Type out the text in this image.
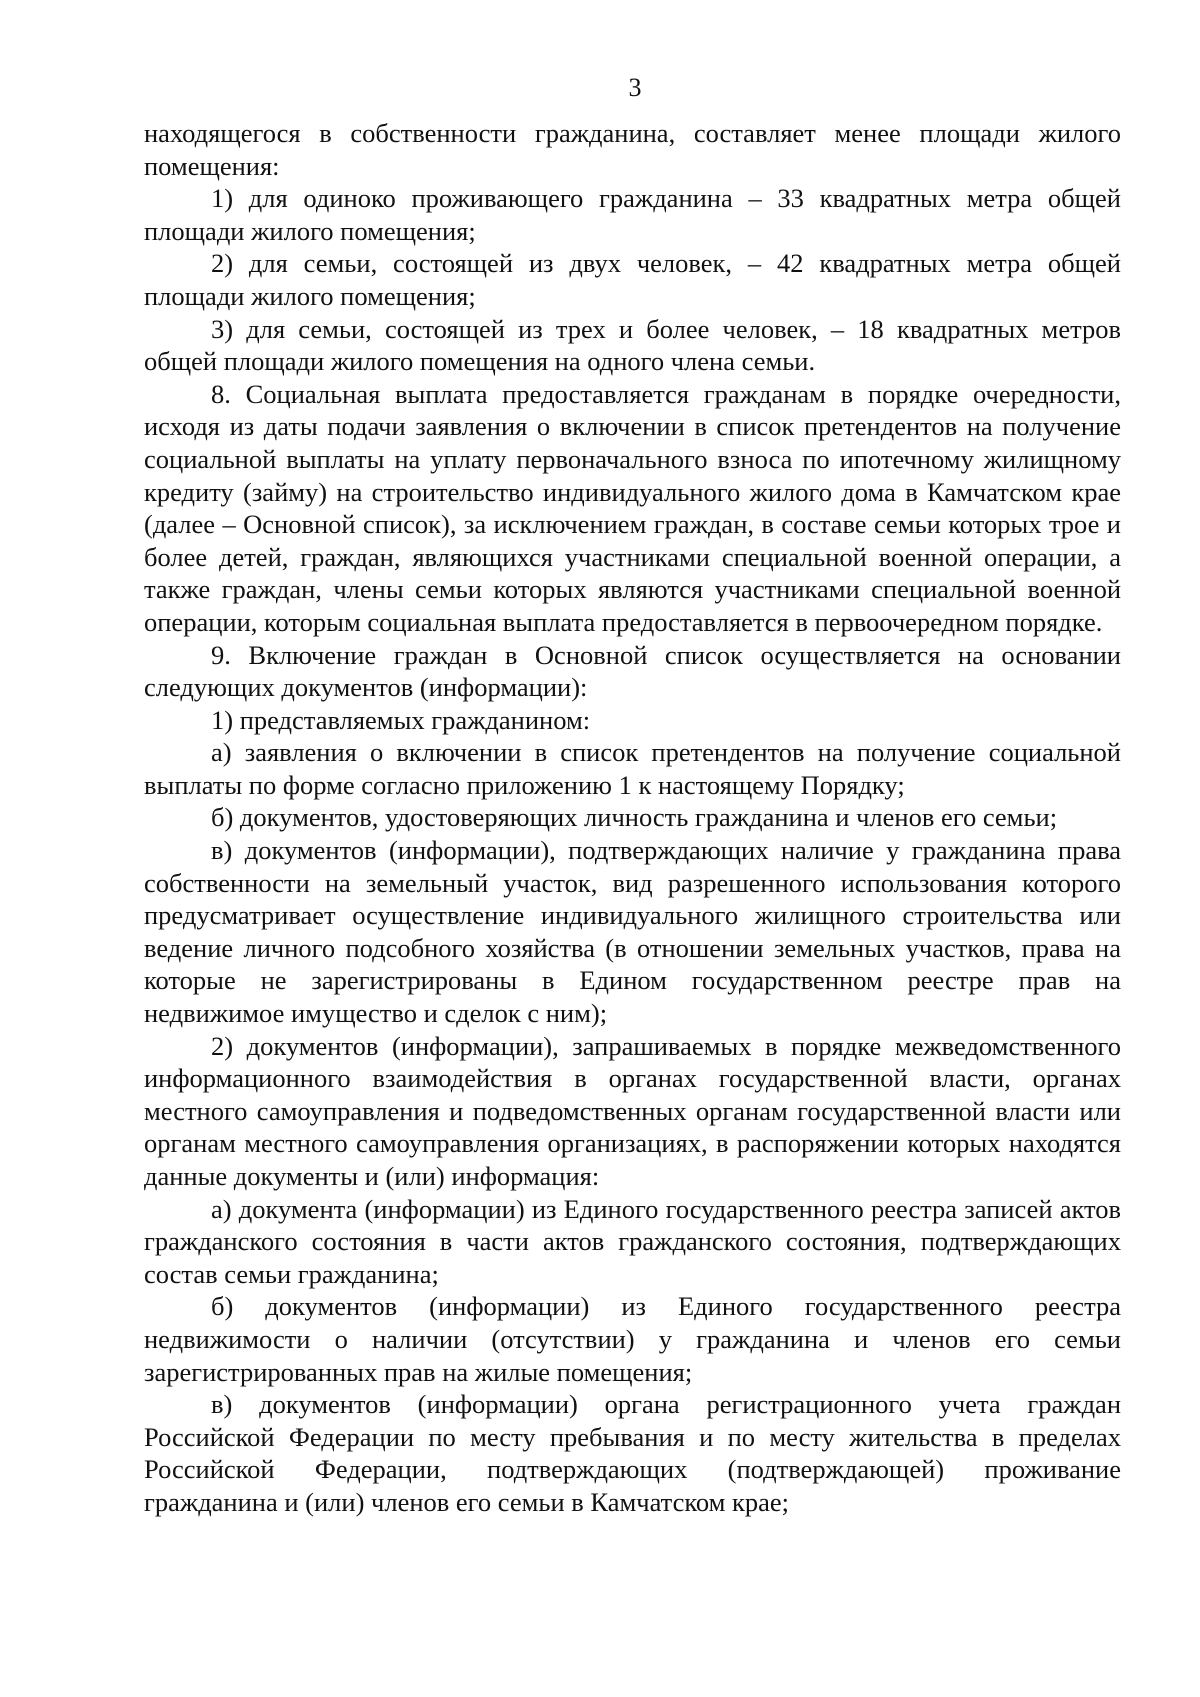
3

находящегося в собственности гражданина, составляет менее площади жилого помещения:

1) для одиноко проживающего гражданина – 33 квадратных метра общей площади жилого помещения;

2) для семьи, состоящей из двух человек, – 42 квадратных метра общей площади жилого помещения;

3) для семьи, состоящей из трех и более человек, – 18 квадратных метров общей площади жилого помещения на одного члена семьи.

8. Социальная выплата предоставляется гражданам в порядке очередности, исходя из даты подачи заявления о включении в список претендентов на получение социальной выплаты на уплату первоначального взноса по ипотечному жилищному кредиту (займу) на строительство индивидуального жилого дома в Камчатском крае (далее – Основной список), за исключением граждан, в составе семьи которых трое и более детей, граждан, являющихся участниками специальной военной операции, а также граждан, члены семьи которых являются участниками специальной военной операции, которым социальная выплата предоставляется в первоочередном порядке.

9. Включение граждан в Основной список осуществляется на основании следующих документов (информации):

1) представляемых гражданином:

а) заявления о включении в список претендентов на получение социальной выплаты по форме согласно приложению 1 к настоящему Порядку;

б) документов, удостоверяющих личность гражданина и членов его семьи;

в) документов (информации), подтверждающих наличие у гражданина права собственности на земельный участок, вид разрешенного использования которого предусматривает осуществление индивидуального жилищного строительства или ведение личного подсобного хозяйства (в отношении земельных участков, права на которые не зарегистрированы в Едином государственном реестре прав на недвижимое имущество и сделок с ним);

2) документов (информации), запрашиваемых в порядке межведомственного информационного взаимодействия в органах государственной власти, органах местного самоуправления и подведомственных органам государственной власти или органам местного самоуправления организациях, в распоряжении которых находятся данные документы и (или) информация:

а) документа (информации) из Единого государственного реестра записей актов гражданского состояния в части актов гражданского состояния, подтверждающих состав семьи гражданина;

б) документов (информации) из Единого государственного реестра недвижимости о наличии (отсутствии) у гражданина и членов его семьи зарегистрированных прав на жилые помещения;

в) документов (информации) органа регистрационного учета граждан Российской Федерации по месту пребывания и по месту жительства в пределах Российской Федерации, подтверждающих (подтверждающей) проживание гражданина и (или) членов его семьи в Камчатском крае;
